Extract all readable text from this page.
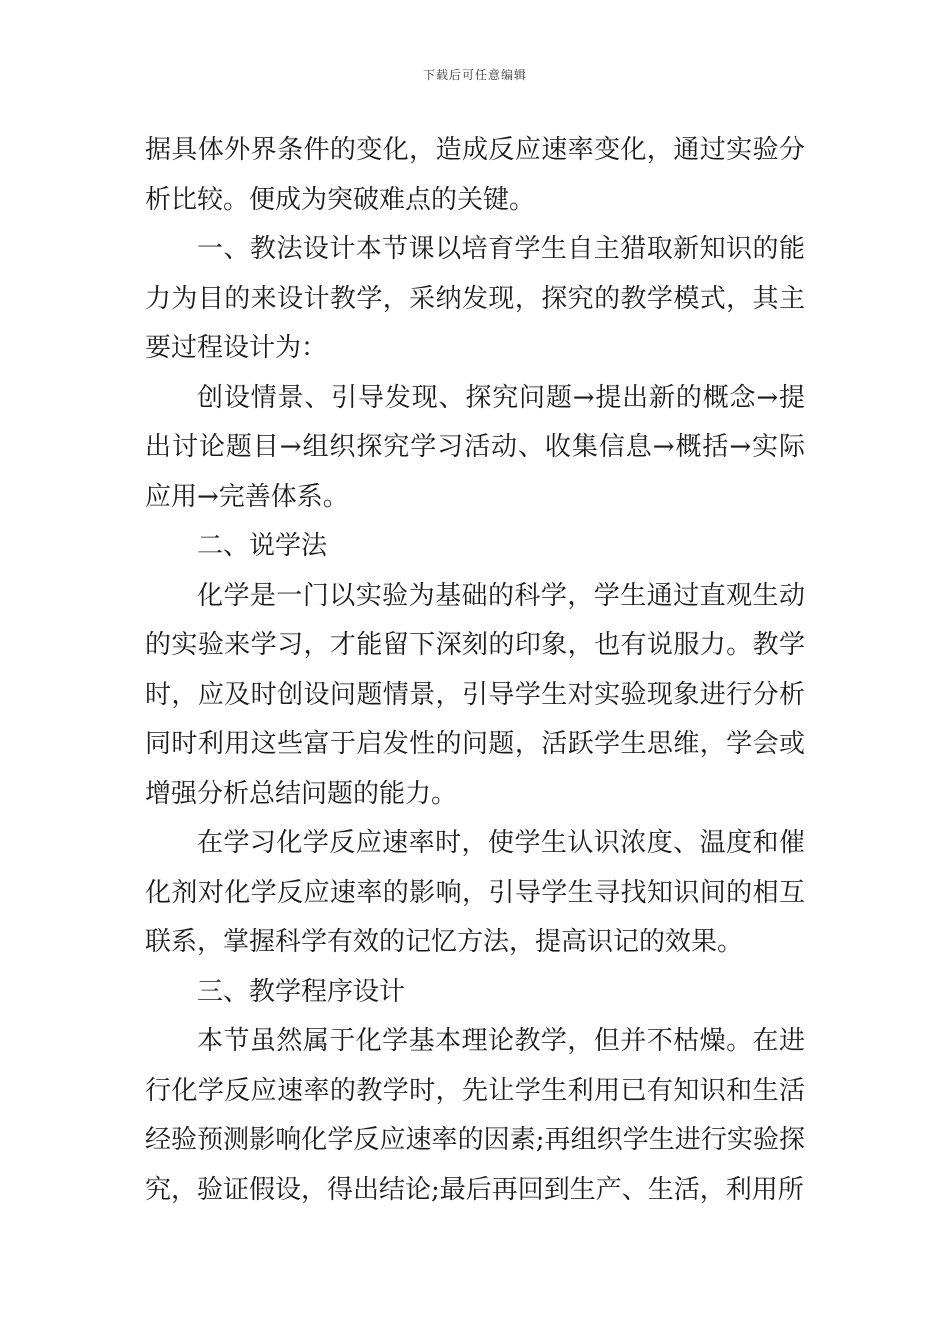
下载后可任意编辑

据具体外界条件的变化，造成反应速率变化，通过实验分析比较。便成为突破难点的关键。

一、教法设计本节课以培育学生自主猎取新知识的能力为目的来设计教学，采纳发现，探究的教学模式，其主要过程设计为：

创设情景、引导发现、探究问题→提出新的概念→提出讨论题目→组织探究学习活动、收集信息→概括→实际应用→完善体系。

二、说学法

化学是一门以实验为基础的科学，学生通过直观生动的实验来学习，才能留下深刻的印象，也有说服力。教学时，应及时创设问题情景，引导学生对实验现象进行分析同时利用这些富于启发性的问题，活跃学生思维，学会或增强分析总结问题的能力。

在学习化学反应速率时，使学生认识浓度、温度和催化剂对化学反应速率的影响，引导学生寻找知识间的相互联系，掌握科学有效的记忆方法，提高识记的效果。

三、教学程序设计

本节虽然属于化学基本理论教学，但并不枯燥。在进行化学反应速率的教学时，先让学生利用已有知识和生活经验预测影响化学反应速率的因素;再组织学生进行实验探究，验证假设，得出结论;最后再回到生产、生活，利用所
